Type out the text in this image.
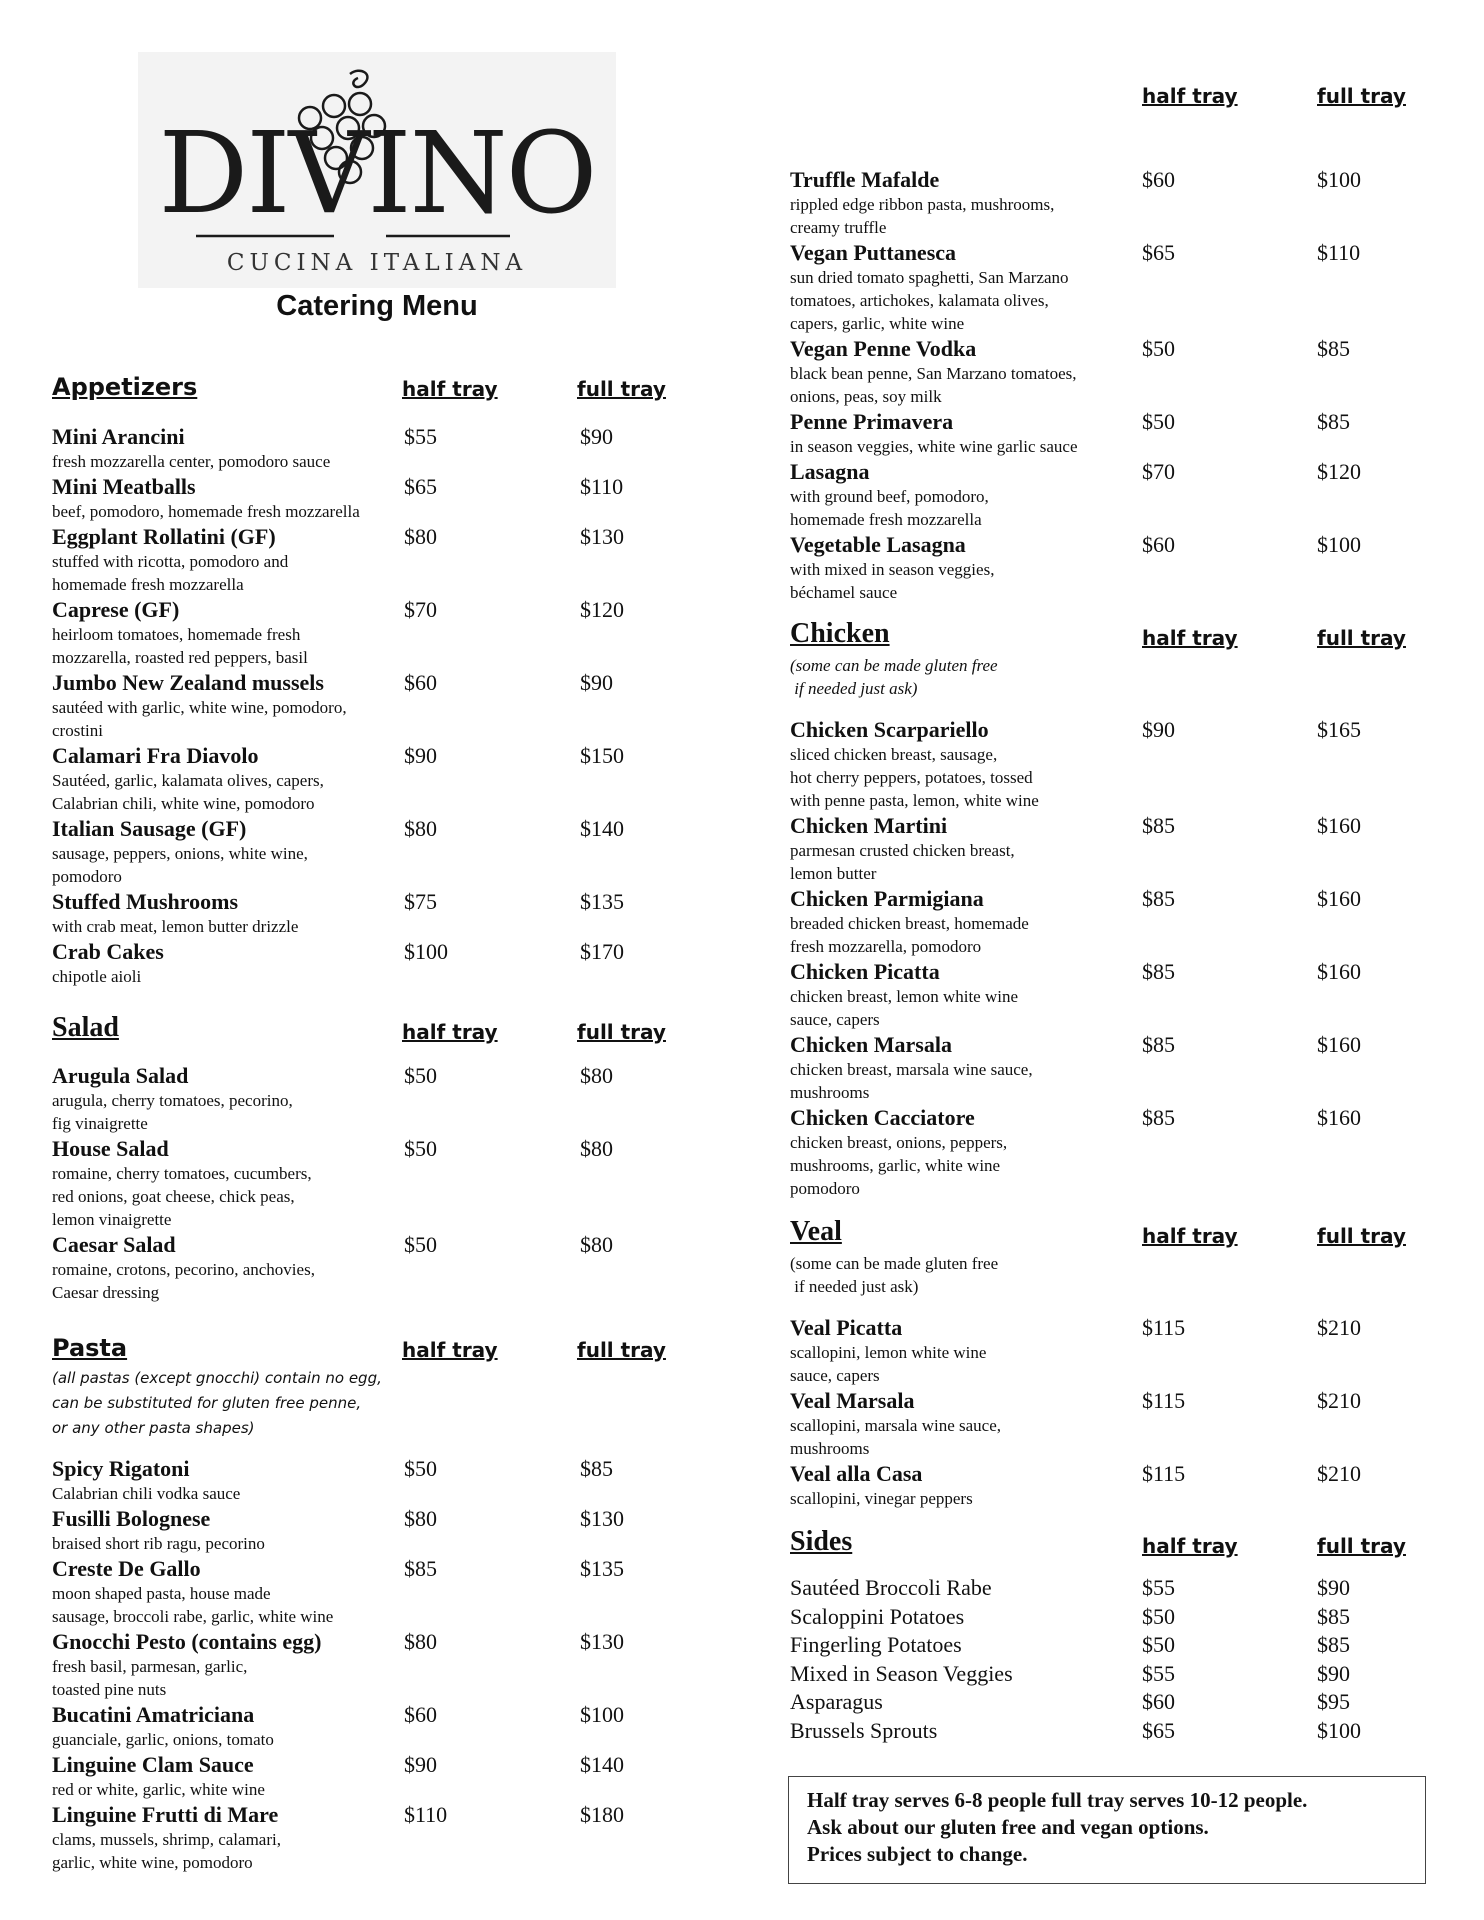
DIVINO
CUCINA ITALIANA
Catering Menu
Appetizers	half tray	full tray
Mini Arancini	$55	$90
fresh mozzarella center, pomodoro sauce
Mini Meatballs	$65	$110
beef, pomodoro, homemade fresh mozzarella
Eggplant Rollatini (GF)	$80	$130
stuffed with ricotta, pomodoro and
homemade fresh mozzarella
Caprese (GF)	$70	$120
heirloom tomatoes, homemade fresh
mozzarella, roasted red peppers, basil
Jumbo New Zealand mussels	$60	$90
sautéed with garlic, white wine, pomodoro,
crostini
Calamari Fra Diavolo	$90	$150
Sautéed, garlic, kalamata olives, capers,
Calabrian chili, white wine, pomodoro
Italian Sausage (GF)	$80	$140
sausage, peppers, onions, white wine,
pomodoro
Stuffed Mushrooms	$75	$135
with crab meat, lemon butter drizzle
Crab Cakes	$100	$170
chipotle aioli
Salad	half tray	full tray
Arugula Salad	$50	$80
arugula, cherry tomatoes, pecorino,
fig vinaigrette
House Salad	$50	$80
romaine, cherry tomatoes, cucumbers,
red onions, goat cheese, chick peas,
lemon vinaigrette
Caesar Salad	$50	$80
romaine, crotons, pecorino, anchovies,
Caesar dressing
Pasta	half tray	full tray
(all pastas (except gnocchi) contain no egg,
can be substituted for gluten free penne,
or any other pasta shapes)
Spicy Rigatoni	$50	$85
Calabrian chili vodka sauce
Fusilli Bolognese	$80	$130
braised short rib ragu, pecorino
Creste De Gallo	$85	$135
moon shaped pasta, house made
sausage, broccoli rabe, garlic, white wine
Gnocchi Pesto (contains egg)	$80	$130
fresh basil, parmesan, garlic,
toasted pine nuts
Bucatini Amatriciana	$60	$100
guanciale, garlic, onions, tomato
Linguine Clam Sauce	$90	$140
red or white, garlic, white wine
Linguine Frutti di Mare	$110	$180
clams, mussels, shrimp, calamari,
garlic, white wine, pomodoro
half tray	full tray
Truffle Mafalde	$60	$100
rippled edge ribbon pasta, mushrooms,
creamy truffle
Vegan Puttanesca	$65	$110
sun dried tomato spaghetti, San Marzano
tomatoes, artichokes, kalamata olives,
capers, garlic, white wine
Vegan Penne Vodka	$50	$85
black bean penne, San Marzano tomatoes,
onions, peas, soy milk
Penne Primavera	$50	$85
in season veggies, white wine garlic sauce
Lasagna	$70	$120
with ground beef, pomodoro,
homemade fresh mozzarella
Vegetable Lasagna	$60	$100
with mixed in season veggies,
béchamel sauce
Chicken	half tray	full tray
(some can be made gluten free
if needed just ask)
Chicken Scarpariello	$90	$165
sliced chicken breast, sausage,
hot cherry peppers, potatoes, tossed
with penne pasta, lemon, white wine
Chicken Martini	$85	$160
parmesan crusted chicken breast,
lemon butter
Chicken Parmigiana	$85	$160
breaded chicken breast, homemade
fresh mozzarella, pomodoro
Chicken Picatta	$85	$160
chicken breast, lemon white wine
sauce, capers
Chicken Marsala	$85	$160
chicken breast, marsala wine sauce,
mushrooms
Chicken Cacciatore	$85	$160
chicken breast, onions, peppers,
mushrooms, garlic, white wine
pomodoro
Veal	half tray	full tray
(some can be made gluten free
if needed just ask)
Veal Picatta	$115	$210
scallopini, lemon white wine
sauce, capers
Veal Marsala	$115	$210
scallopini, marsala wine sauce,
mushrooms
Veal alla Casa	$115	$210
scallopini, vinegar peppers
Sides	half tray	full tray
Sautéed Broccoli Rabe	$55	$90
Scaloppini Potatoes	$50	$85
Fingerling Potatoes	$50	$85
Mixed in Season Veggies	$55	$90
Asparagus	$60	$95
Brussels Sprouts	$65	$100
Half tray serves 6-8 people full tray serves 10-12 people.
Ask about our gluten free and vegan options.
Prices subject to change.
